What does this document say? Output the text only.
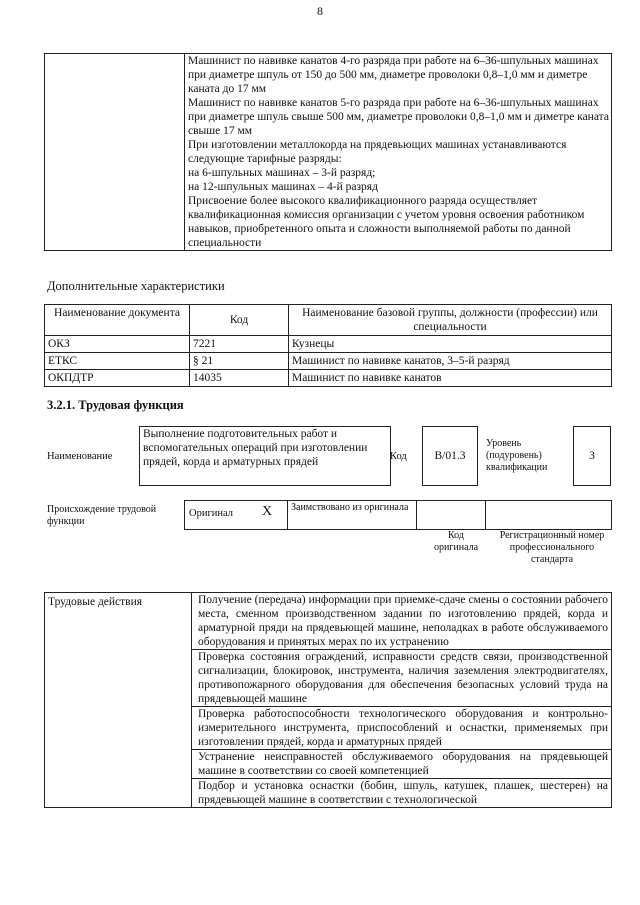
8

Машинист по навивке канатов 4-го разряда при работе на 6–36-шпульных машинах при диаметре шпуль от 150 до 500 мм, диаметре проволоки 0,8–1,0 мм и диметре каната до 17 мм

Машинист по навивке канатов 5-го разряда при работе на 6–36-шпульных машинах при диаметре шпуль свыше 500 мм, диаметре проволоки 0,8–1,0 мм и диметре каната свыше 17 мм

При изготовлении металлокорда на прядевьющих машинах устанавливаются следующие тарифные разряды:

на 6-шпульных машинах – 3-й разряд;

на 12-шпульных машинах – 4-й разряд

Присвоение более высокого квалификационного разряда осуществляет квалификационная комиссия организации с учетом уровня освоения работником навыков, приобретенного опыта и сложности выполняемой работы по данной специальности

Дополнительные характеристики
Наименование документа	Код	Наименование базовой группы, должности (профессии) или специальности
ОКЗ	7221	Кузнецы
ЕТКС	§ 21	Машинист по навивке канатов, 3–5-й разряд
ОКПДТР	14035	Машинист по навивке канатов
3.2.1. Трудовая функция
Наименование
Выполнение подготовительных работ и вспомогательных операций при изготовлении прядей, корда и арматурных прядей	Код	B/01.3
Уровень (подуровень) квалификации
3
Происхождение трудовой функции
Оригинал	X	Заимствовано из оригинала		
Код оригинала
Регистрационный номер профессионального стандарта
Трудовые действия	Получение (передача) информации при приемке-сдаче смены о состоянии рабочего места, сменном производственном задании по изготовлению прядей, корда и арматурной пряди на прядевьющей машине, неполадках в работе обслуживаемого оборудования и принятых мерах по их устранению
Проверка состояния ограждений, исправности средств связи, производственной сигнализации, блокировок, инструмента, наличия заземления электродвигателях, противопожарного оборудования для обеспечения безопасных условий труда на прядевьющей машине
Проверка работоспособности технологического оборудования и контрольно-измерительного инструмента, приспособлений и оснастки, применяемых при изготовлении прядей, корда и арматурных прядей
Устранение неисправностей обслуживаемого оборудования на прядевьющей машине в соответствии со своей компетенцией
Подбор и установка оснастки (бобин, шпуль, катушек, плашек, шестерен) на прядевьющей машине в соответствии с технологической
